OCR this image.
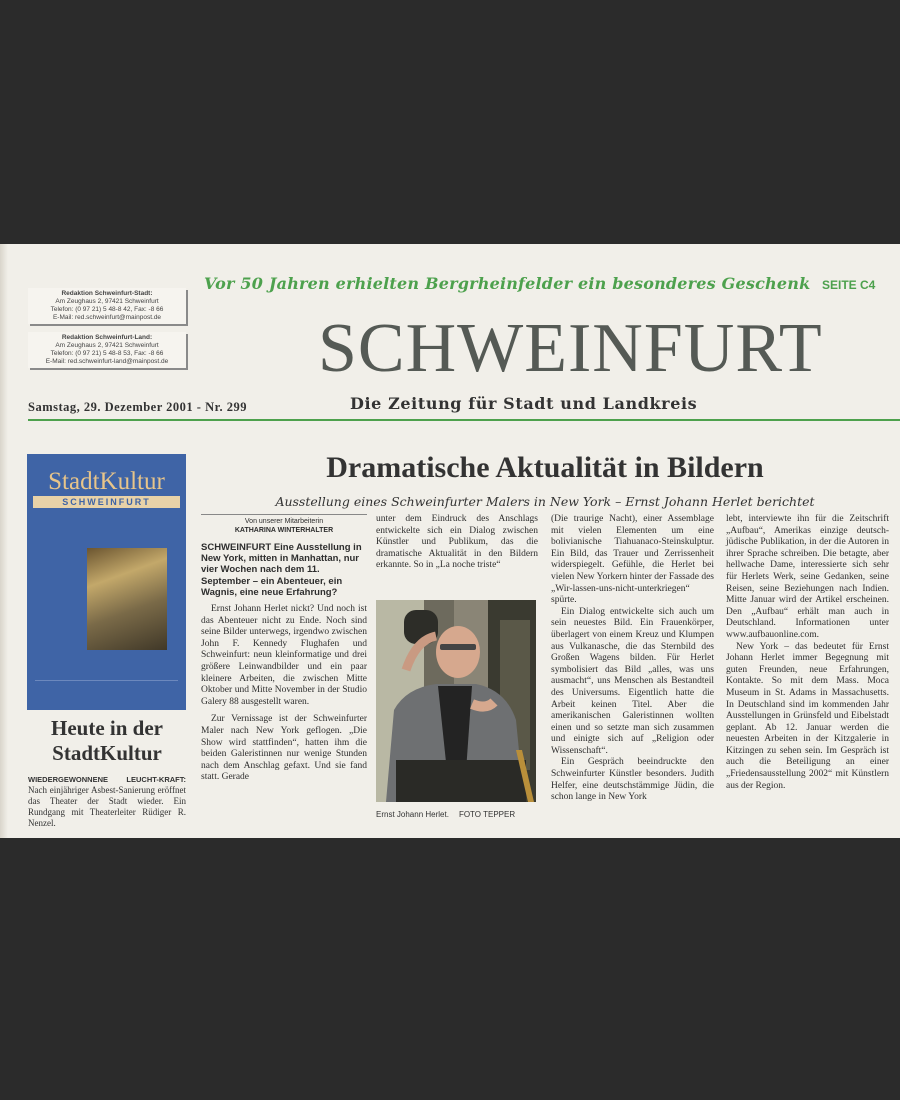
Redaktion Schweinfurt-Stadt:
Am Zeughaus 2, 97421 Schweinfurt
Telefon: (0 97 21) 5 48-8 42, Fax: -8 66
E-Mail: red.schweinfurt@mainpost.de
Redaktion Schweinfurt-Land:
Am Zeughaus 2, 97421 Schweinfurt
Telefon: (0 97 21) 5 48-8 53, Fax: -8 66
E-Mail: red.schweinfurt-land@mainpost.de
Vor 50 Jahren erhielten Bergrheinfelder ein besonderes Geschenk SEITE C4
SCHWEINFURT
Samstag, 29. Dezember 2001 - Nr. 299	Die Zeitung für Stadt und Landkreis
StadtKultur
SCHWEINFURT
Heute in der StadtKultur
WIEDERGEWONNENE LEUCHT-KRAFT: Nach einjähriger Asbest-Sanierung eröffnet das Theater der Stadt wieder. Ein Rundgang mit Theaterleiter Rüdiger R. Nenzel.
Dramatische Aktualität in Bildern
Ausstellung eines Schweinfurter Malers in New York – Ernst Johann Herlet berichtet
Von unserer Mitarbeiterin
KATHARINA WINTERHALTER

SCHWEINFURT Eine Ausstellung in New York, mitten in Manhattan, nur vier Wochen nach dem 11. September – ein Abenteuer, ein Wagnis, eine neue Erfahrung?

Ernst Johann Herlet nickt? Und noch ist das Abenteuer nicht zu Ende. Noch sind seine Bilder unterwegs, irgendwo zwischen John F. Kennedy Flughafen und Schweinfurt: neun kleinformatige und drei größere Leinwandbilder und ein paar kleinere Arbeiten, die zwischen Mitte Oktober und Mitte November in der Studio Galery 88 ausgestellt waren.

Zur Vernissage ist der Schweinfurter Maler nach New York geflogen. „Die Show wird stattfinden“, hatten ihm die beiden Galeristinnen nur wenige Stunden nach dem Anschlag gefaxt. Und sie fand statt. Gerade

unter dem Eindruck des Anschlags entwickelte sich ein Dialog zwischen Künstler und Publikum, das die dramatische Aktualität in den Bildern erkannte. So in „La noche triste“

Ernst Johann Herlet. FOTO TEPPER

(Die traurige Nacht), einer Assemblage mit vielen Elementen um eine bolivianische Tiahuanaco-Steinskulptur. Ein Bild, das Trauer und Zerrissenheit widerspiegelt. Gefühle, die Herlet bei vielen New Yorkern hinter der Fassade des „Wir-lassen-uns-nicht-unterkriegen“ spürte.

Ein Dialog entwickelte sich auch um sein neuestes Bild. Ein Frauenkörper, überlagert von einem Kreuz und Klumpen aus Vulkanasche, die das Sternbild des Großen Wagens bilden. Für Herlet symbolisiert das Bild „alles, was uns ausmacht“, uns Menschen als Bestandteil des Universums. Eigentlich hatte die Arbeit keinen Titel. Aber die amerikanischen Galeristinnen wollten einen und so setzte man sich zusammen und einigte sich auf „Religion oder Wissenschaft“.

Ein Gespräch beeindruckte den Schweinfurter Künstler besonders. Judith Helfer, eine deutschstämmige Jüdin, die schon lange in New York

lebt, interviewte ihn für die Zeitschrift „Aufbau“, Amerikas einzige deutsch-jüdische Publikation, in der die Autoren in ihrer Sprache schreiben. Die betagte, aber hellwache Dame, interessierte sich sehr für Herlets Werk, seine Gedanken, seine Reisen, seine Beziehungen nach Indien. Mitte Januar wird der Artikel erscheinen. Den „Aufbau“ erhält man auch in Deutschland. Informationen unter www.aufbauonline.com.

New York – das bedeutet für Ernst Johann Herlet immer Begegnung mit guten Freunden, neue Erfahrungen, Kontakte. So mit dem Mass. Moca Museum in St. Adams in Massachusetts. In Deutschland sind im kommenden Jahr Ausstellungen in Grünsfeld und Eibelstadt geplant. Ab 12. Januar werden die neuesten Arbeiten in der Kitzgalerie in Kitzingen zu sehen sein. Im Gespräch ist auch die Beteiligung an einer „Friedensausstellung 2002“ mit Künstlern aus der Region.
